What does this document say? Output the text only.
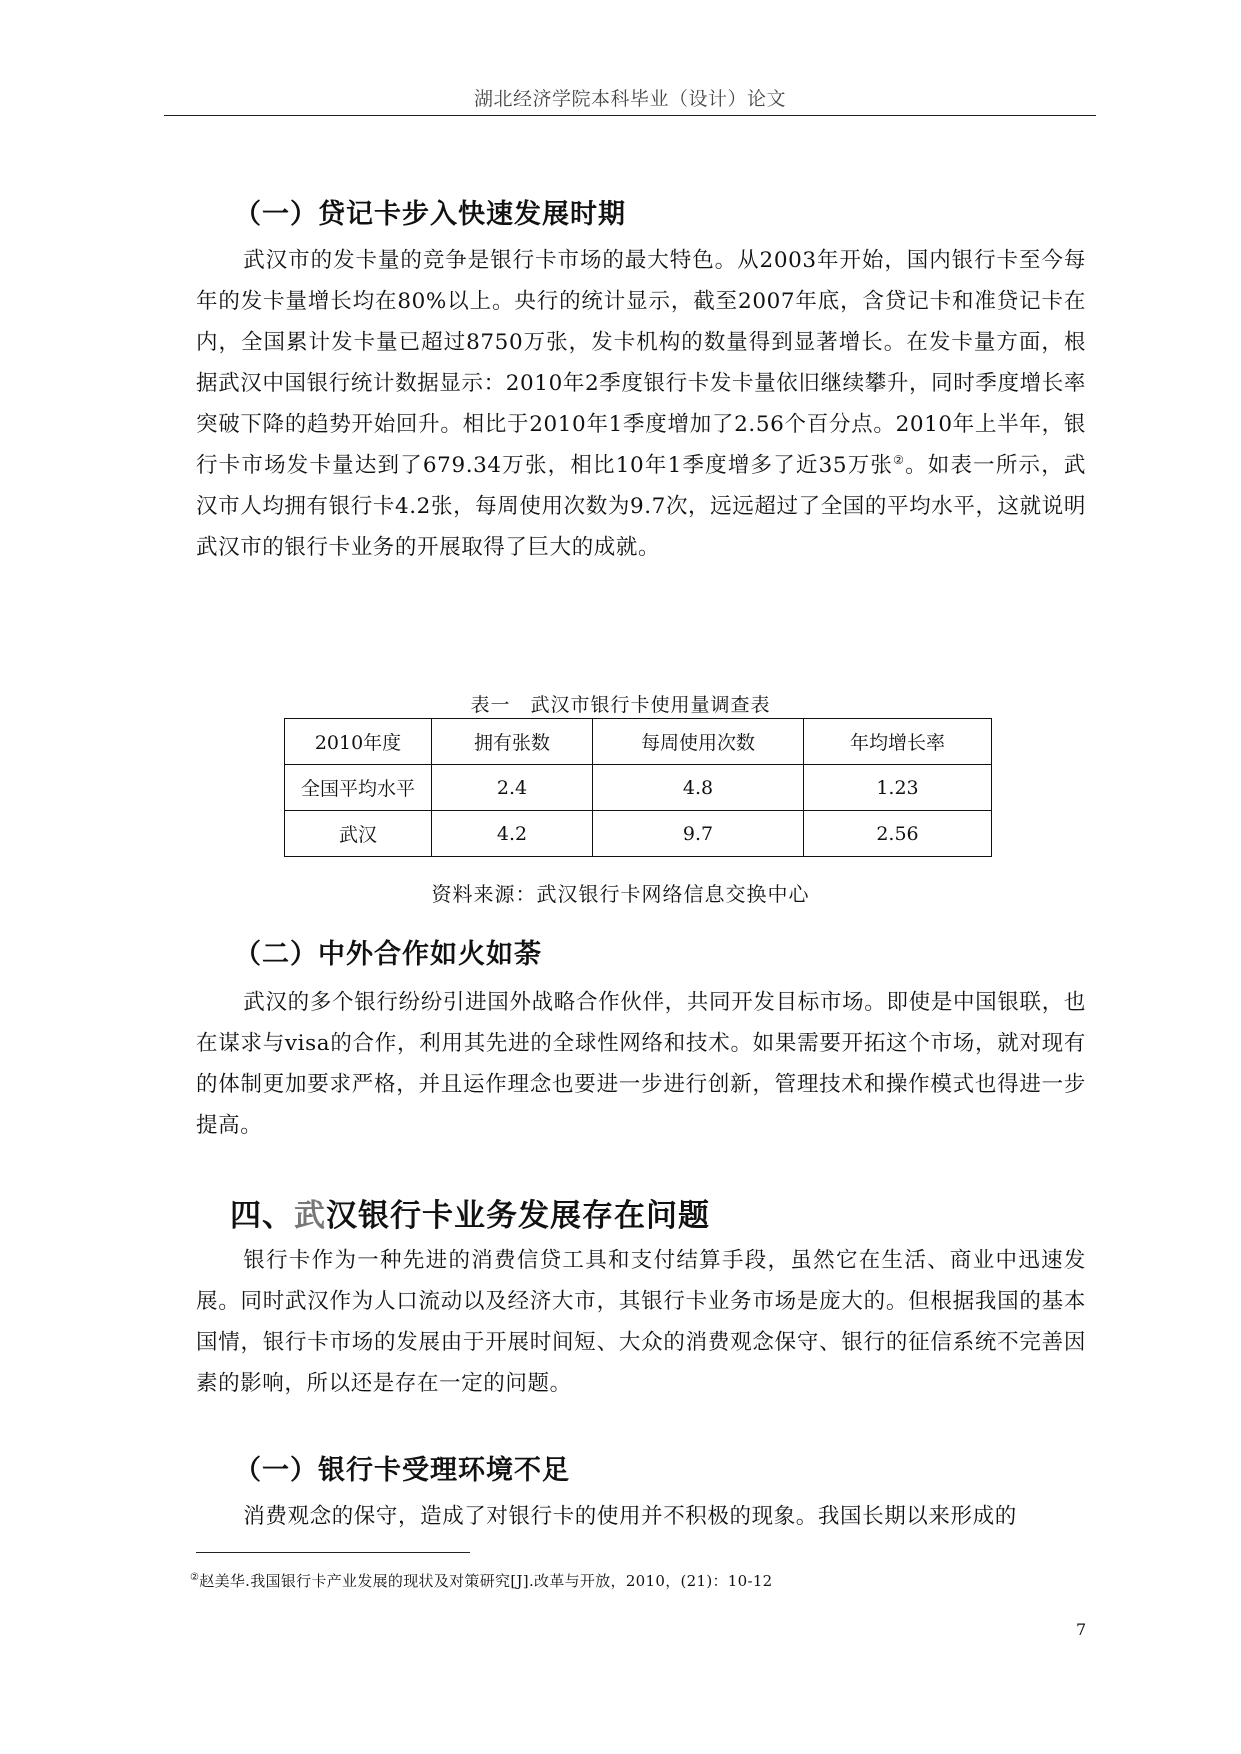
湖北经济学院本科毕业（设计）论文
（一）贷记卡步入快速发展时期

武汉市的发卡量的竞争是银行卡市场的最大特色。从2003年开始，国内银行卡至今每年的发卡量增长均在80%以上。央行的统计显示，截至2007年底，含贷记卡和准贷记卡在内，全国累计发卡量已超过8750万张，发卡机构的数量得到显著增长。在发卡量方面，根据武汉中国银行统计数据显示：2010年2季度银行卡发卡量依旧继续攀升，同时季度增长率突破下降的趋势开始回升。相比于2010年1季度增加了2.56个百分点。2010年上半年，银行卡市场发卡量达到了679.34万张，相比10年1季度增多了近35万张②。如表一所示，武汉市人均拥有银行卡4.2张，每周使用次数为9.7次，远远超过了全国的平均水平，这就说明武汉市的银行卡业务的开展取得了巨大的成就。

表一　武汉市银行卡使用量调查表
2010年度	拥有张数	每周使用次数	年均增长率
全国平均水平	2.4	4.8	1.23
武汉	4.2	9.7	2.56
资料来源：武汉银行卡网络信息交换中心
（二）中外合作如火如荼

武汉的多个银行纷纷引进国外战略合作伙伴，共同开发目标市场。即使是中国银联，也在谋求与visa的合作，利用其先进的全球性网络和技术。如果需要开拓这个市场，就对现有的体制更加要求严格，并且运作理念也要进一步进行创新，管理技术和操作模式也得进一步提高。

四、武汉银行卡业务发展存在问题

银行卡作为一种先进的消费信贷工具和支付结算手段，虽然它在生活、商业中迅速发展。同时武汉作为人口流动以及经济大市，其银行卡业务市场是庞大的。但根据我国的基本国情，银行卡市场的发展由于开展时间短、大众的消费观念保守、银行的征信系统不完善因素的影响，所以还是存在一定的问题。

（一）银行卡受理环境不足

消费观念的保守，造成了对银行卡的使用并不积极的现象。我国长期以来形成的

②赵美华.我国银行卡产业发展的现状及对策研究[J].改革与开放，2010，(21)：10-12
7
